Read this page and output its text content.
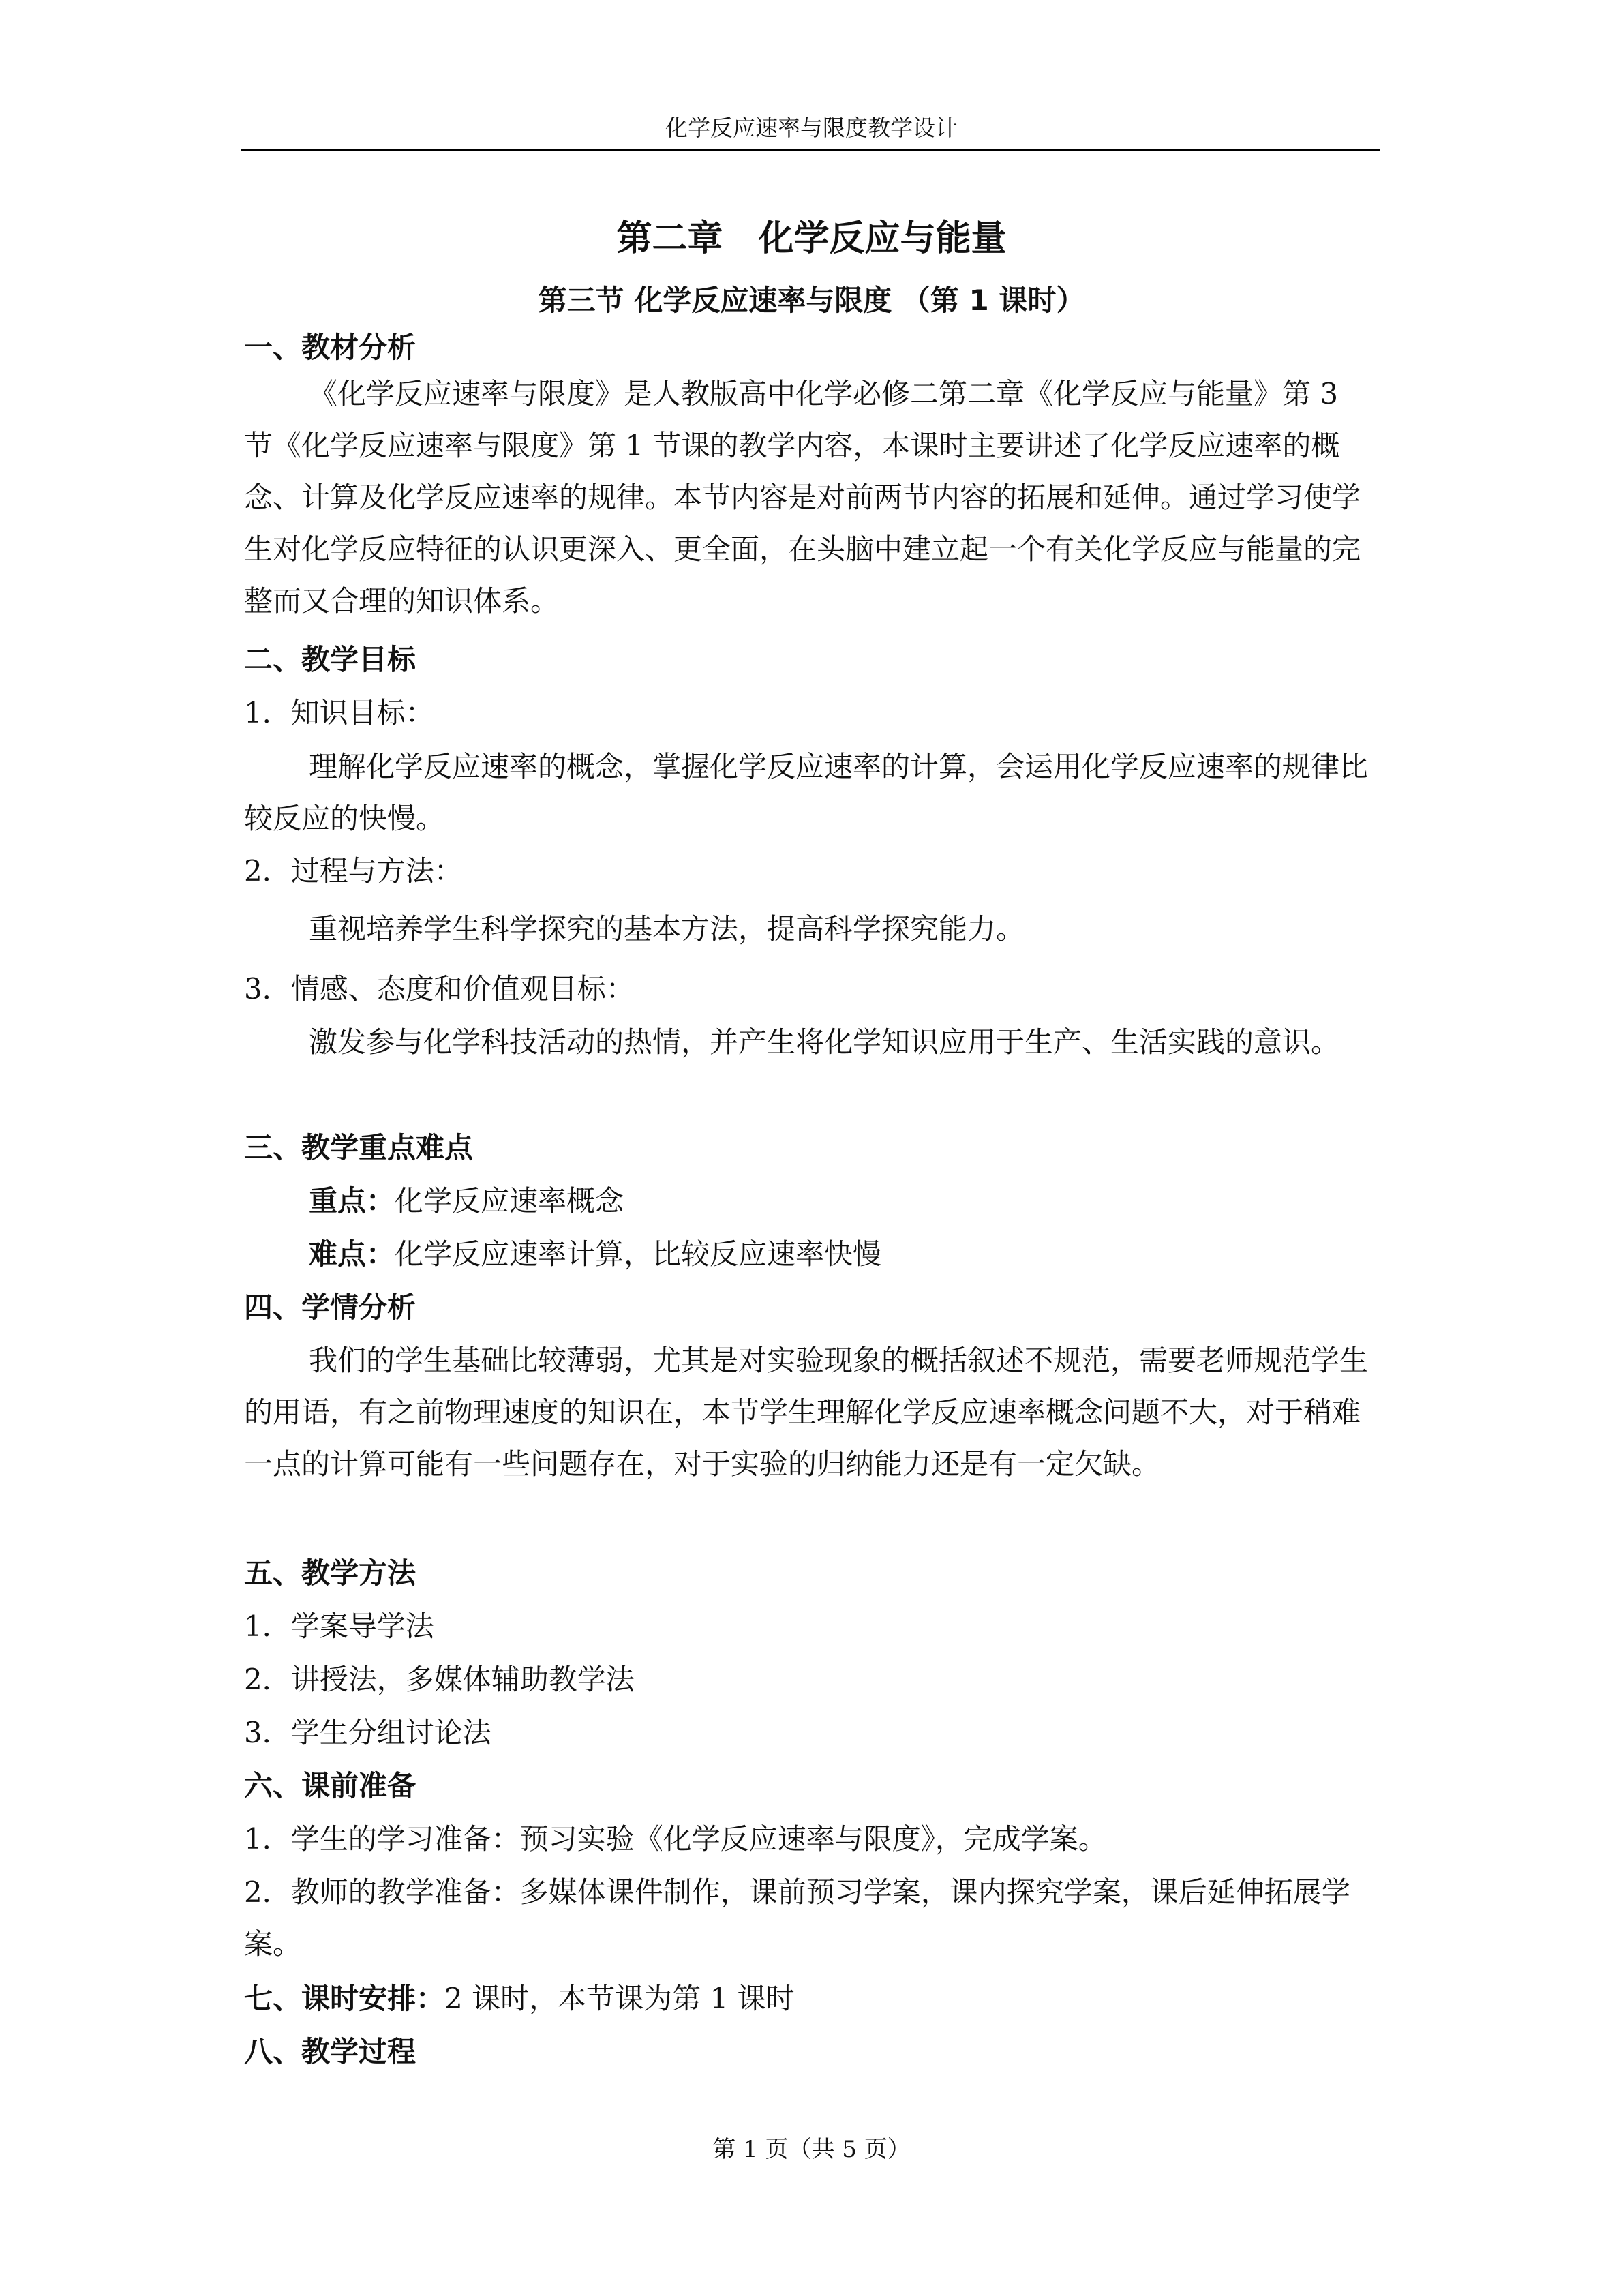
化学反应速率与限度教学设计
第二章　化学反应与能量
第三节 化学反应速率与限度 （第 1 课时）
一、教材分析
《化学反应速率与限度》是人教版高中化学必修二第二章《化学反应与能量》第 3 节《化学反应速率与限度》第 1 节课的教学内容，本课时主要讲述了化学反应速率的概念、计算及化学反应速率的规律。本节内容是对前两节内容的拓展和延伸。通过学习使学生对化学反应特征的认识更深入、更全面，在头脑中建立起一个有关化学反应与能量的完整而又合理的知识体系。
二、教学目标
1．知识目标：
理解化学反应速率的概念，掌握化学反应速率的计算，会运用化学反应速率的规律比较反应的快慢。
2．过程与方法：
重视培养学生科学探究的基本方法，提高科学探究能力。
3．情感、态度和价值观目标：
激发参与化学科技活动的热情，并产生将化学知识应用于生产、生活实践的意识。
三、教学重点难点
重点：化学反应速率概念
难点：化学反应速率计算，比较反应速率快慢
四、学情分析
我们的学生基础比较薄弱，尤其是对实验现象的概括叙述不规范，需要老师规范学生的用语，有之前物理速度的知识在，本节学生理解化学反应速率概念问题不大，对于稍难一点的计算可能有一些问题存在，对于实验的归纳能力还是有一定欠缺。
五、教学方法
1．学案导学法
2．讲授法，多媒体辅助教学法
3．学生分组讨论法
六、课前准备
1．学生的学习准备：预习实验《化学反应速率与限度》，完成学案。
2．教师的教学准备：多媒体课件制作，课前预习学案，课内探究学案，课后延伸拓展学案。
七、课时安排：2 课时，本节课为第 1 课时
八、教学过程
第 1 页（共 5 页）
